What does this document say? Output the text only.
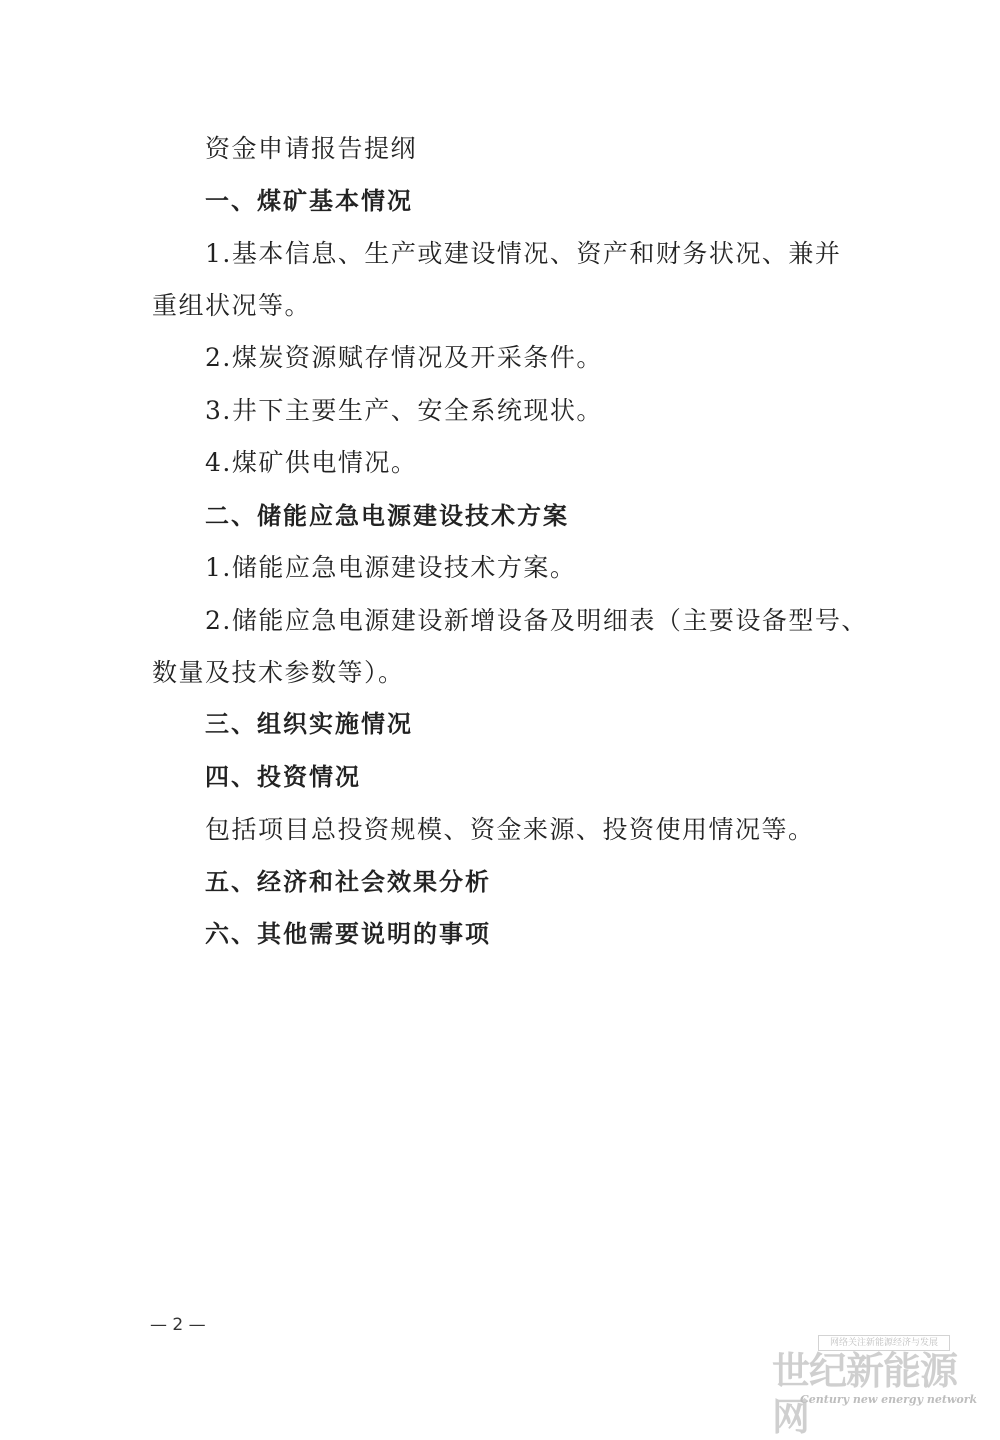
资金申请报告提纲
一、煤矿基本情况
1.基本信息、生产或建设情况、资产和财务状况、兼并
重组状况等。
2.煤炭资源赋存情况及开采条件。
3.井下主要生产、安全系统现状。
4.煤矿供电情况。
二、储能应急电源建设技术方案
1.储能应急电源建设技术方案。
2.储能应急电源建设新增设备及明细表（主要设备型号、
数量及技术参数等）。
三、组织实施情况
四、投资情况
包括项目总投资规模、资金来源、投资使用情况等。
五、经济和社会效果分析
六、其他需要说明的事项
— 2 —
网络关注新能源经济与发展
世纪新能源网
Century new energy network
